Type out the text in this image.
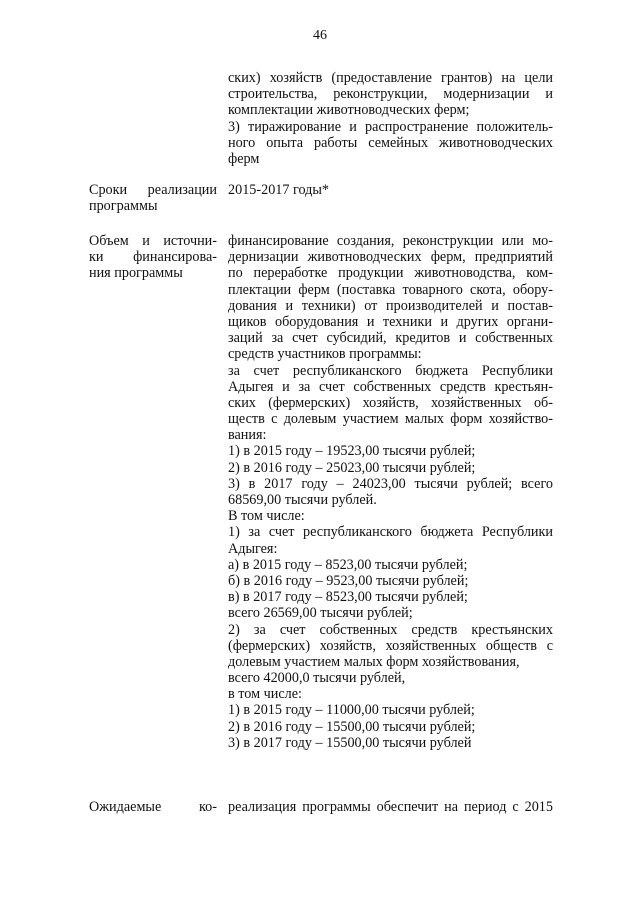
46
ских) хозяйств (предоставление грантов) на цели
строительства, реконструкции, модернизации и
комплектации животноводческих ферм;
3) тиражирование и распространение положитель-
ного опыта работы семейных животноводческих
ферм
Сроки реализации
программы
2015-2017 годы*
Объем и источни-
ки финансирова-
ния программы
финансирование создания, реконструкции или мо-
дернизации животноводческих ферм, предприятий
по переработке продукции животноводства, ком-
плектации ферм (поставка товарного скота, обору-
дования и техники) от производителей и постав-
щиков оборудования и техники и других органи-
заций за счет субсидий, кредитов и собственных
средств участников программы:
за счет республиканского бюджета Республики
Адыгея и за счет собственных средств крестьян-
ских (фермерских) хозяйств, хозяйственных об-
ществ с долевым участием малых форм хозяйство-
вания:
1) в 2015 году – 19523,00 тысячи рублей;
2) в 2016 году – 25023,00 тысячи рублей;
3) в 2017 году – 24023,00 тысячи рублей; всего
68569,00 тысячи рублей.
В том числе:
1) за счет республиканского бюджета Республики
Адыгея:
а) в 2015 году – 8523,00 тысячи рублей;
б) в 2016 году – 9523,00 тысячи рублей;
в) в 2017 году – 8523,00 тысячи рублей;
всего 26569,00 тысячи рублей;
2) за счет собственных средств крестьянских
(фермерских) хозяйств, хозяйственных обществ с
долевым участием малых форм хозяйствования,
всего 42000,0 тысячи рублей,
в том числе:
1) в 2015 году – 11000,00 тысячи рублей;
2) в 2016 году – 15500,00 тысячи рублей;
3) в 2017 году – 15500,00 тысячи рублей
Ожидаемые ко- реализация программы обеспечит на период с 2015
